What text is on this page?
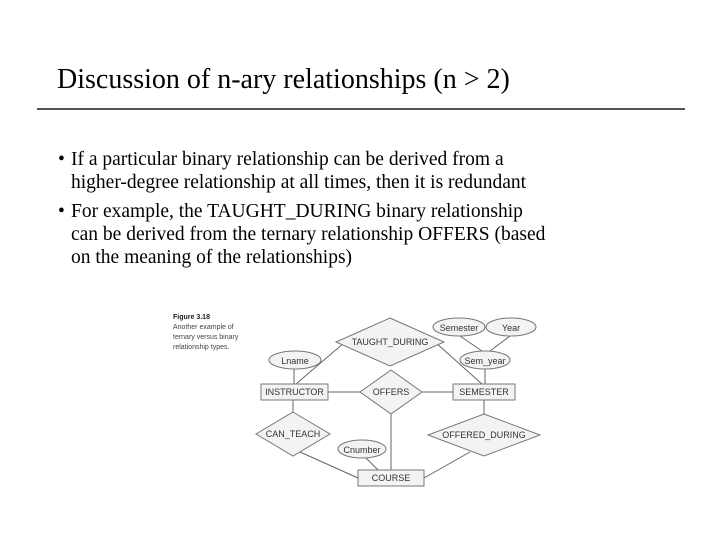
Discussion of n-ary relationships (n > 2)
• If a particular binary relationship can be derived from a
higher-degree relationship at all times, then it is redundant
• For example, the TAUGHT_DURING binary relationship
can be derived from the ternary relationship OFFERS (based
on the meaning of the relationships)
Figure 3.18
Another example of
ternary versus binary
relationship types.
Lname
Semester	Year
Sem_year
Cnumber
TAUGHT_DURING
OFFERS
CAN_TEACH	OFFERED_DURING
INSTRUCTOR	SEMESTER
COURSE
